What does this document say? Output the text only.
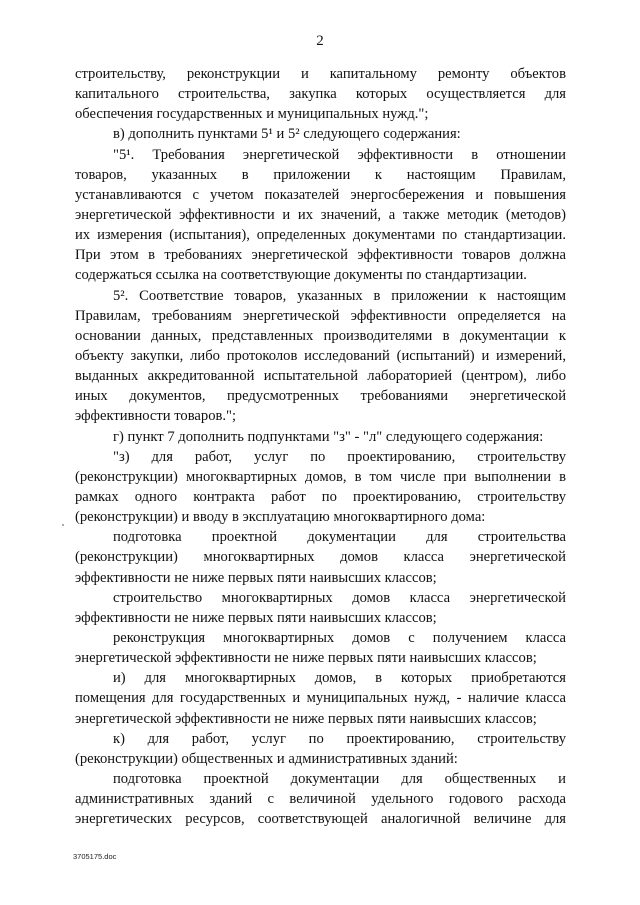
2
строительству, реконструкции и капитальному ремонту объектов
капитального строительства, закупка которых осуществляется для
обеспечения государственных и муниципальных нужд.";
в) дополнить пунктами 5¹ и 5² следующего содержания:
"5¹. Требования энергетической эффективности в отношении
товаров, указанных в приложении к настоящим Правилам,
устанавливаются с учетом показателей энергосбережения и повышения
энергетической эффективности и их значений, а также методик (методов)
их измерения (испытания), определенных документами по стандартизации.
При этом в требованиях энергетической эффективности товаров должна
содержаться ссылка на соответствующие документы по стандартизации.
5². Соответствие товаров, указанных в приложении к настоящим
Правилам, требованиям энергетической эффективности определяется на
основании данных, представленных производителями в документации к
объекту закупки, либо протоколов исследований (испытаний) и измерений,
выданных аккредитованной испытательной лабораторией (центром), либо
иных документов, предусмотренных требованиями энергетической
эффективности товаров.";
г) пункт 7 дополнить подпунктами "з" - "л" следующего содержания:
"з) для работ, услуг по проектированию, строительству
(реконструкции) многоквартирных домов, в том числе при выполнении в
рамках одного контракта работ по проектированию, строительству
(реконструкции) и вводу в эксплуатацию многоквартирного дома:
подготовка проектной документации для строительства
(реконструкции) многоквартирных домов класса энергетической
эффективности не ниже первых пяти наивысших классов;
строительство многоквартирных домов класса энергетической
эффективности не ниже первых пяти наивысших классов;
реконструкция многоквартирных домов с получением класса
энергетической эффективности не ниже первых пяти наивысших классов;
и) для многоквартирных домов, в которых приобретаются
помещения для государственных и муниципальных нужд, - наличие класса
энергетической эффективности не ниже первых пяти наивысших классов;
к) для работ, услуг по проектированию, строительству
(реконструкции) общественных и административных зданий:
подготовка проектной документации для общественных и
административных зданий с величиной удельного годового расхода
энергетических ресурсов, соответствующей аналогичной величине для
3705175.doc
